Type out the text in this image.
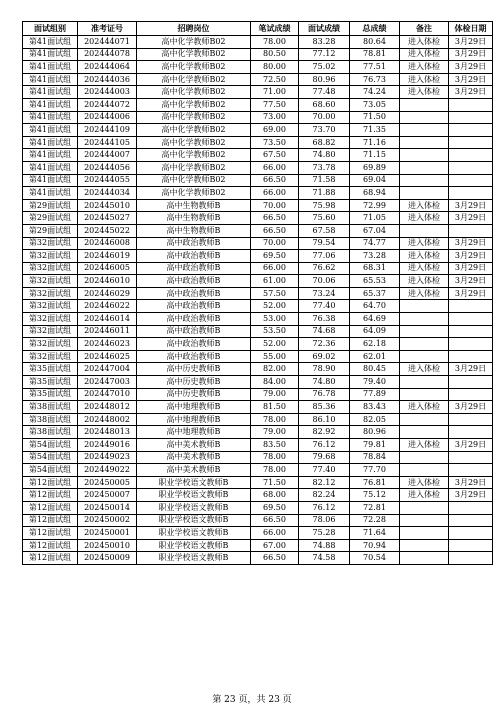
面试组别	准考证号	招聘岗位	笔试成绩	面试成绩	总成绩	备注	体检日期
第41面试组	202444071	高中化学教师B02	78.00	83.28	80.64	进入体检	3月29日
第41面试组	202444078	高中化学教师B02	80.50	77.12	78.81	进入体检	3月29日
第41面试组	202444064	高中化学教师B02	80.00	75.02	77.51	进入体检	3月29日
第41面试组	202444036	高中化学教师B02	72.50	80.96	76.73	进入体检	3月29日
第41面试组	202444003	高中化学教师B02	71.00	77.48	74.24	进入体检	3月29日
第41面试组	202444072	高中化学教师B02	77.50	68.60	73.05		
第41面试组	202444006	高中化学教师B02	73.00	70.00	71.50		
第41面试组	202444109	高中化学教师B02	69.00	73.70	71.35		
第41面试组	202444105	高中化学教师B02	73.50	68.82	71.16		
第41面试组	202444007	高中化学教师B02	67.50	74.80	71.15		
第41面试组	202444056	高中化学教师B02	66.00	73.78	69.89		
第41面试组	202444055	高中化学教师B02	66.50	71.58	69.04		
第41面试组	202444034	高中化学教师B02	66.00	71.88	68.94		
第29面试组	202445010	高中生物教师B	70.00	75.98	72.99	进入体检	3月29日
第29面试组	202445027	高中生物教师B	66.50	75.60	71.05	进入体检	3月29日
第29面试组	202445022	高中生物教师B	66.50	67.58	67.04		
第32面试组	202446008	高中政治教师B	70.00	79.54	74.77	进入体检	3月29日
第32面试组	202446019	高中政治教师B	69.50	77.06	73.28	进入体检	3月29日
第32面试组	202446005	高中政治教师B	66.00	76.62	68.31	进入体检	3月29日
第32面试组	202446010	高中政治教师B	61.00	70.06	65.53	进入体检	3月29日
第32面试组	202446029	高中政治教师B	57.50	73.24	65.37	进入体检	3月29日
第32面试组	202446022	高中政治教师B	52.00	77.40	64.70		
第32面试组	202446014	高中政治教师B	53.00	76.38	64.69		
第32面试组	202446011	高中政治教师B	53.50	74.68	64.09		
第32面试组	202446023	高中政治教师B	52.00	72.36	62.18		
第32面试组	202446025	高中政治教师B	55.00	69.02	62.01		
第35面试组	202447004	高中历史教师B	82.00	78.90	80.45	进入体检	3月29日
第35面试组	202447003	高中历史教师B	84.00	74.80	79.40		
第35面试组	202447010	高中历史教师B	79.00	76.78	77.89		
第38面试组	202448012	高中地理教师B	81.50	85.36	83.43	进入体检	3月29日
第38面试组	202448002	高中地理教师B	78.00	86.10	82.05		
第38面试组	202448013	高中地理教师B	79.00	82.92	80.96		
第54面试组	202449016	高中美术教师B	83.50	76.12	79.81	进入体检	3月29日
第54面试组	202449023	高中美术教师B	78.00	79.68	78.84		
第54面试组	202449022	高中美术教师B	78.00	77.40	77.70		
第12面试组	202450005	职业学校语文教师B	71.50	82.12	76.81	进入体检	3月29日
第12面试组	202450007	职业学校语文教师B	68.00	82.24	75.12	进入体检	3月29日
第12面试组	202450014	职业学校语文教师B	69.50	76.12	72.81		
第12面试组	202450002	职业学校语文教师B	66.50	78.06	72.28		
第12面试组	202450001	职业学校语文教师B	66.00	75.28	71.64		
第12面试组	202450010	职业学校语文教师B	67.00	74.88	70.94		
第12面试组	202450009	职业学校语文教师B	66.50	74.58	70.54		
第 23 页，共 23 页
